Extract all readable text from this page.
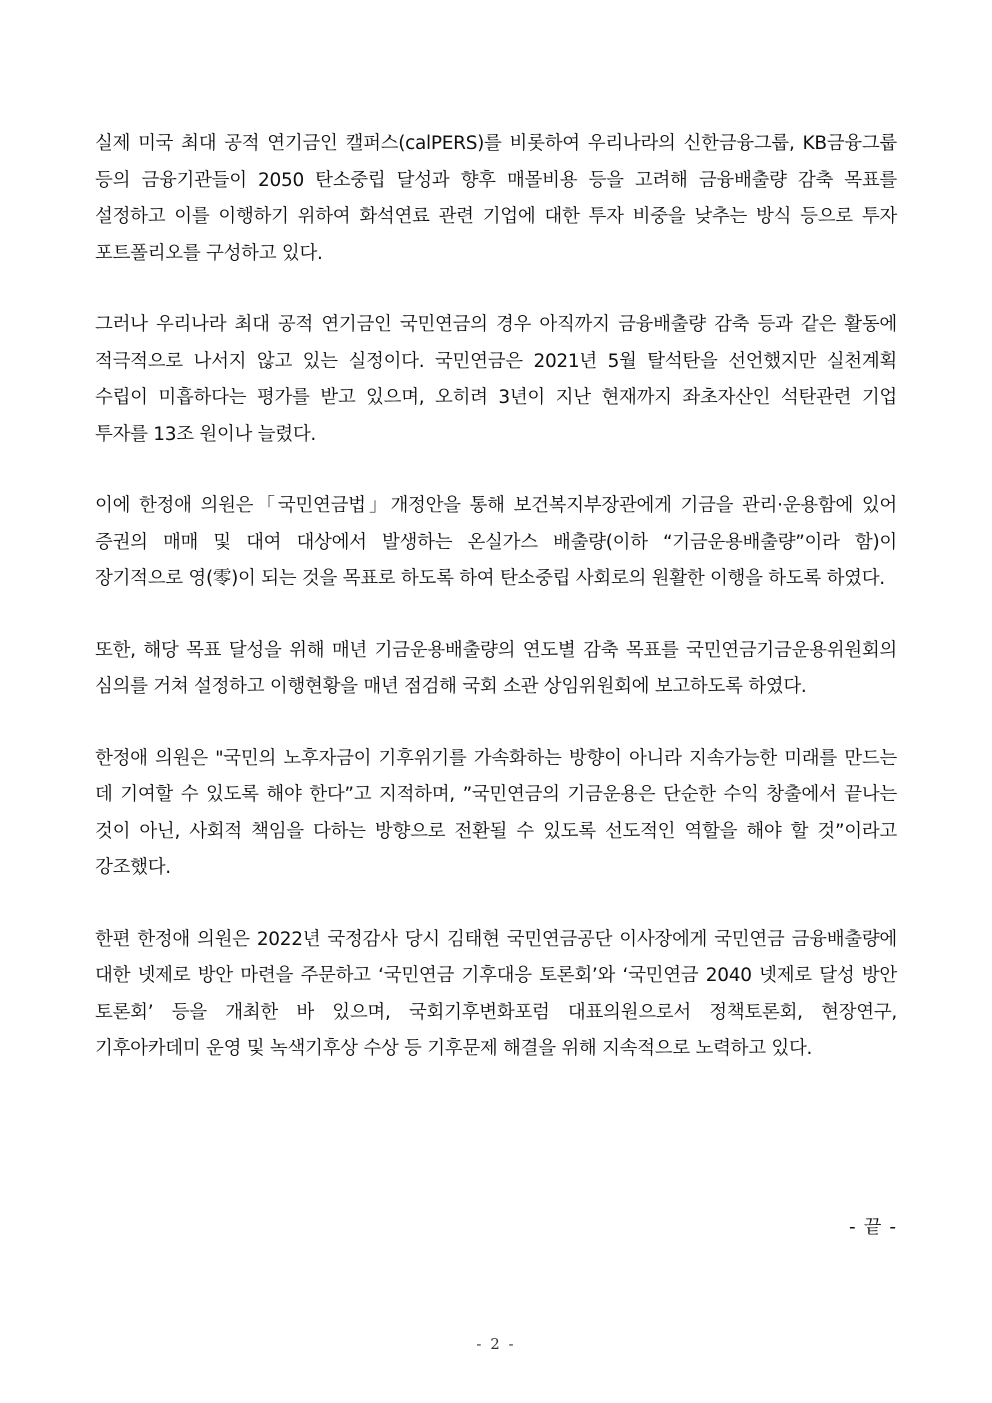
실제 미국 최대 공적 연기금인 캘퍼스(calPERS)를 비롯하여 우리나라의 신한금융그룹, KB금융그룹 등의 금융기관들이 2050 탄소중립 달성과 향후 매몰비용 등을 고려해 금융배출량 감축 목표를 설정하고 이를 이행하기 위하여 화석연료 관련 기업에 대한 투자 비중을 낮추는 방식 등으로 투자 포트폴리오를 구성하고 있다.

그러나 우리나라 최대 공적 연기금인 국민연금의 경우 아직까지 금융배출량 감축 등과 같은 활동에 적극적으로 나서지 않고 있는 실정이다. 국민연금은 2021년 5월 탈석탄을 선언했지만 실천계획 수립이 미흡하다는 평가를 받고 있으며, 오히려 3년이 지난 현재까지 좌초자산인 석탄관련 기업 투자를 13조 원이나 늘렸다.

이에 한정애 의원은「국민연금법」개정안을 통해 보건복지부장관에게 기금을 관리·운용함에 있어 증권의 매매 및 대여 대상에서 발생하는 온실가스 배출량(이하 “기금운용배출량”이라 함)이 장기적으로 영(零)이 되는 것을 목표로 하도록 하여 탄소중립 사회로의 원활한 이행을 하도록 하였다.

또한, 해당 목표 달성을 위해 매년 기금운용배출량의 연도별 감축 목표를 국민연금기금운용위원회의 심의를 거쳐 설정하고 이행현황을 매년 점검해 국회 소관 상임위원회에 보고하도록 하였다.

한정애 의원은 "국민의 노후자금이 기후위기를 가속화하는 방향이 아니라 지속가능한 미래를 만드는 데 기여할 수 있도록 해야 한다”고 지적하며, ”국민연금의 기금운용은 단순한 수익 창출에서 끝나는 것이 아닌, 사회적 책임을 다하는 방향으로 전환될 수 있도록 선도적인 역할을 해야 할 것”이라고 강조했다.

한편 한정애 의원은 2022년 국정감사 당시 김태현 국민연금공단 이사장에게 국민연금 금융배출량에 대한 넷제로 방안 마련을 주문하고 ‘국민연금 기후대응 토론회’와 ‘국민연금 2040 넷제로 달성 방안 토론회’ 등을 개최한 바 있으며, 국회기후변화포럼 대표의원으로서 정책토론회, 현장연구, 기후아카데미 운영 및 녹색기후상 수상 등 기후문제 해결을 위해 지속적으로 노력하고 있다.

- 끝 -
- 2 -
